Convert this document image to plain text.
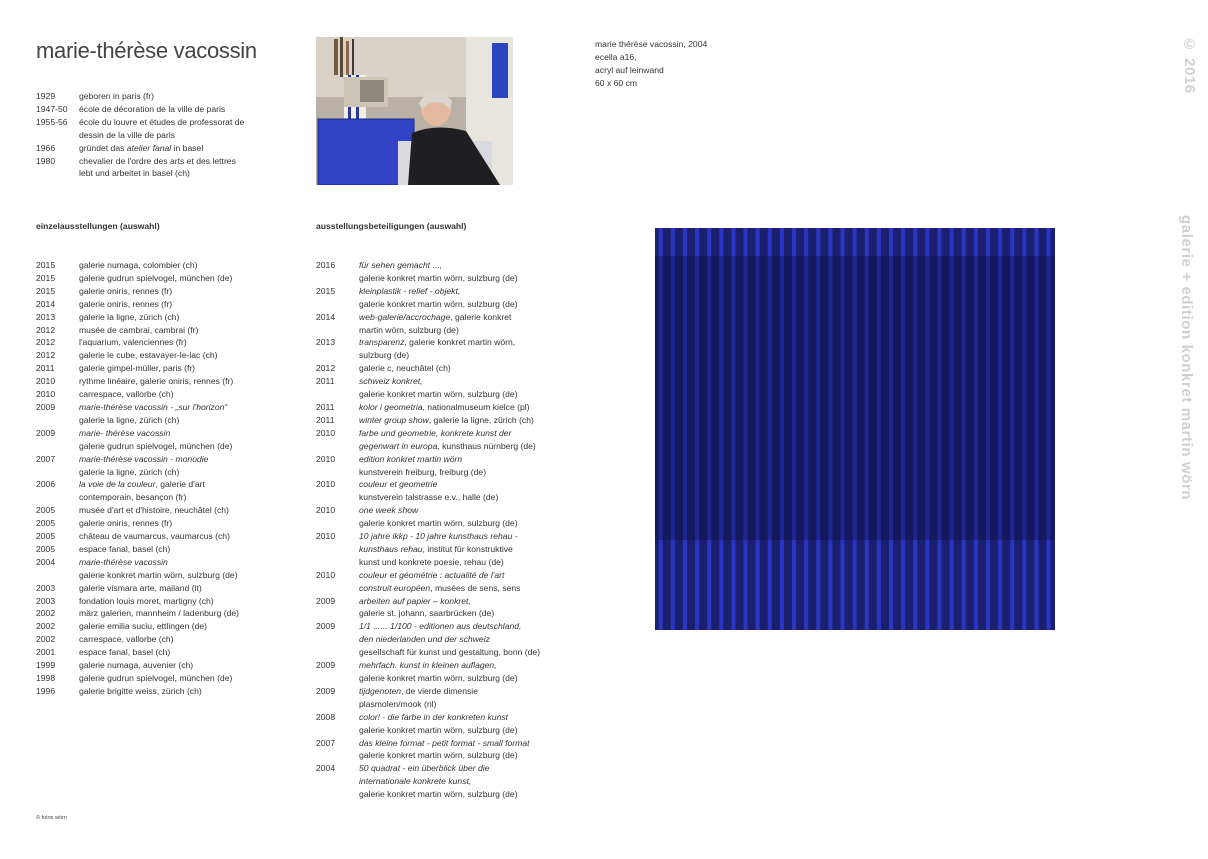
marie-thérèse vacossin
1929	geboren in paris (fr)
1947-50	école de décoration de la ville de paris
1955-56	école du louvre et études de professorat de
dessin de la ville de paris
1966	gründet das atelier fanal in basel
1980	chevalier de l'ordre des arts et des lettres
lebt und arbeitet in basel (ch)
marie thérèse vacossin, 2004
ecella a16,
acryl auf leinwand
60 x 60 cm
einzelausstellungen (auswahl)	ausstellungsbeteiligungen (auswahl)
2015	galerie numaga, colombier (ch)
2015	galerie gudrun spielvogel, münchen (de)
2015	galerie oniris, rennes (fr)
2014	galerie oniris, rennes (fr)
2013	galerie la ligne, zürich (ch)
2012	musée de cambrai, cambrai (fr)
2012	l'aquarium, valenciennes (fr)
2012	galerie le cube, estavayer-le-lac (ch)
2011	galerie gimpel-müller, paris (fr)
2010	rythme linéaire, galerie oniris, rennes (fr)
2010	carrespace, vallorbe (ch)
2009	marie-thérèse vacossin - „sur l'horizon“
galerie la ligne, zürich (ch)
2009	marie- thérèse vacossin
galerie gudrun spielvogel, münchen (de)
2007	marie-thérèse vacossin - monodie
galerie la ligne, zürich (ch)
2006	la voie de la couleur, galerie d'art
contemporain, besançon (fr)
2005	musée d'art et d'histoire, neuchâtel (ch)
2005	galerie oniris, rennes (fr)
2005	château de vaumarcus, vaumarcus (ch)
2005	espace fanal, basel (ch)
2004	marie-thérèse vacossin
galerie konkret martin wörn, sulzburg (de)
2003	galerie vismara arte, mailand (it)
2003	fondation louis moret, martigny (ch)
2002	märz galerien, mannheim / ladenburg (de)
2002	galerie emilia suciu, ettlingen (de)
2002	carrespace, vallorbe (ch)
2001	espace fanal, basel (ch)
1999	galerie numaga, auvenier (ch)
1998	galerie gudrun spielvogel, münchen (de)
1996	galerie brigitte weiss, zürich (ch)
2016	für sehen gemacht ...,
galerie konkret martin wörn, sulzburg (de)
2015	kleinplastik - relief - objekt,
galerie konkret martin wörn, sulzburg (de)
2014	web-galerie/accrochage, galerie konkret
martin wörn, sulzburg (de)
2013	transparenz, galerie konkret martin wörn,
sulzburg (de)
2012	galerie c, neuchâtel (ch)
2011	schweiz konkret,
galerie konkret martin wörn, sulzburg (de)
2011	kolor i geometria, nationalmuseum kielce (pl)
2011	winter group show, galerie la ligne, zürich (ch)
2010	farbe und geometrie, konkrete kunst der
gegenwart in europa, kunsthaus nürnberg (de)
2010	edition konkret martin wörn
kunstverein freiburg, freiburg (de)
2010	couleur et geometrie
kunstverein talstrasse e.v., halle (de)
2010	one week show
galerie konkret martin wörn, sulzburg (de)
2010	10 jahre ikkp - 10 jahre kunsthaus rehau -
kunsthaus rehau, institut für konstruktive
kunst und konkrete poesie, rehau (de)
2010	couleur et géométrie : actualité de l'art
construit européen, musées de sens, sens
2009	arbeiten auf papier – konkret,
galerie st. johann, saarbrücken (de)
2009	1/1 ...... 1/100 - editionen aus deutschland,
den niederlanden und der schweiz
gesellschaft für kunst und gestaltung, bonn (de)
2009	mehrfach. kunst in kleinen auflagen,
galerie konkret martin wörn, sulzburg (de)
2009	tijdgenoten, de vierde dimensie
plasmolen/mook (nl)
2008	color! - die farbe in der konkreten kunst
galerie konkret martin wörn, sulzburg (de)
2007	das kleine format - petit format - small format
galerie konkret martin wörn, sulzburg (de)
2004	50 quadrat - ein überblick über die
internationale konkrete kunst,
galerie konkret martin wörn, sulzburg (de)
© 2016
galerie + edition konkret martin wörn
© fotos wörn
